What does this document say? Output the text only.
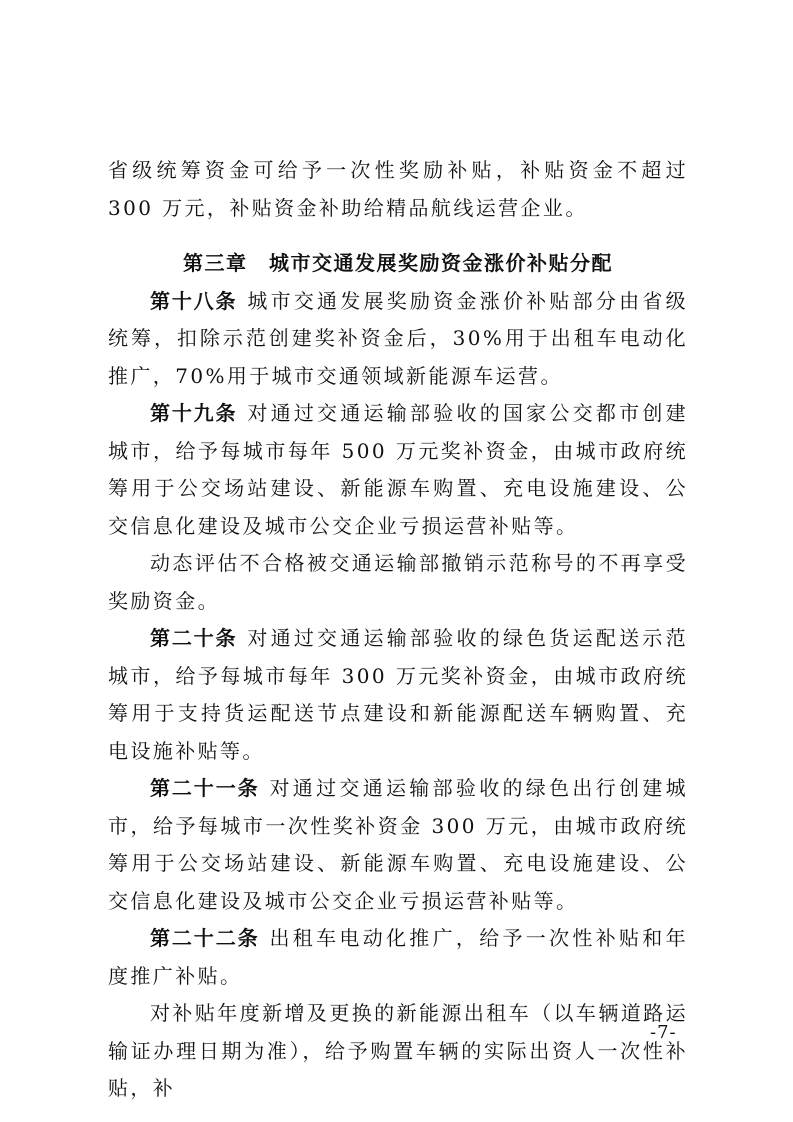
省级统筹资金可给予一次性奖励补贴，补贴资金不超过 300 万元，补贴资金补助给精品航线运营企业。

第三章　城市交通发展奖励资金涨价补贴分配

第十八条 城市交通发展奖励资金涨价补贴部分由省级统筹，扣除示范创建奖补资金后，30%用于出租车电动化推广，70%用于城市交通领域新能源车运营。

第十九条 对通过交通运输部验收的国家公交都市创建城市，给予每城市每年 500 万元奖补资金，由城市政府统筹用于公交场站建设、新能源车购置、充电设施建设、公交信息化建设及城市公交企业亏损运营补贴等。

动态评估不合格被交通运输部撤销示范称号的不再享受奖励资金。

第二十条 对通过交通运输部验收的绿色货运配送示范城市，给予每城市每年 300 万元奖补资金，由城市政府统筹用于支持货运配送节点建设和新能源配送车辆购置、充电设施补贴等。

第二十一条 对通过交通运输部验收的绿色出行创建城市，给予每城市一次性奖补资金 300 万元，由城市政府统筹用于公交场站建设、新能源车购置、充电设施建设、公交信息化建设及城市公交企业亏损运营补贴等。

第二十二条 出租车电动化推广，给予一次性补贴和年度推广补贴。

对补贴年度新增及更换的新能源出租车（以车辆道路运输证办理日期为准），给予购置车辆的实际出资人一次性补贴，补

-7-
